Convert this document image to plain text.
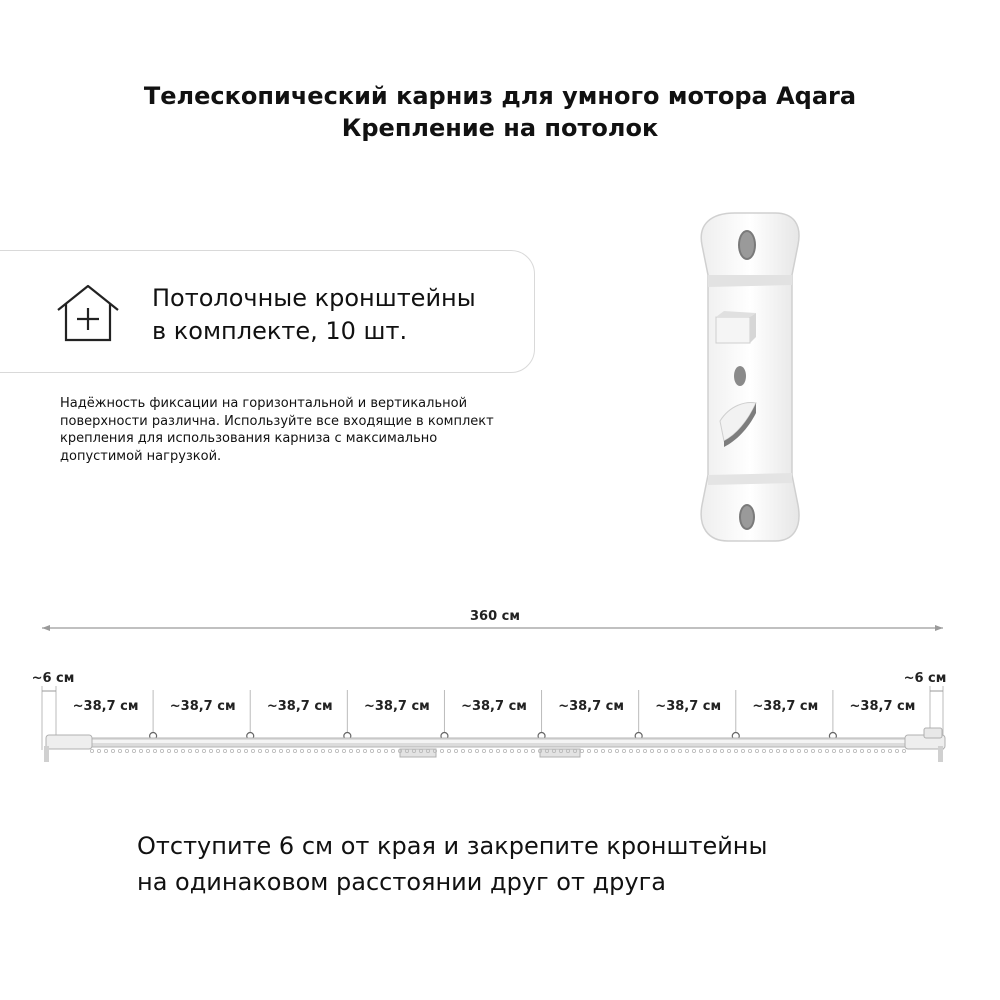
Телескопический карниз для умного мотора Aqara
Крепление на потолок
Потолочные кронштейны
в комплекте, 10 шт.
Надёжность фиксации на горизонтальной и вертикальной
поверхности различна. Используйте все входящие в комплект
крепления для использования карниза с максимально
допустимой нагрузкой.
360 см
~6 см	~6 см
~38,7 см ~38,7 см ~38,7 см ~38,7 см ~38,7 см ~38,7 см ~38,7 см ~38,7 см ~38,7 см
Отступите 6 см от края и закрепите кронштейны
на одинаковом расстоянии друг от друга
